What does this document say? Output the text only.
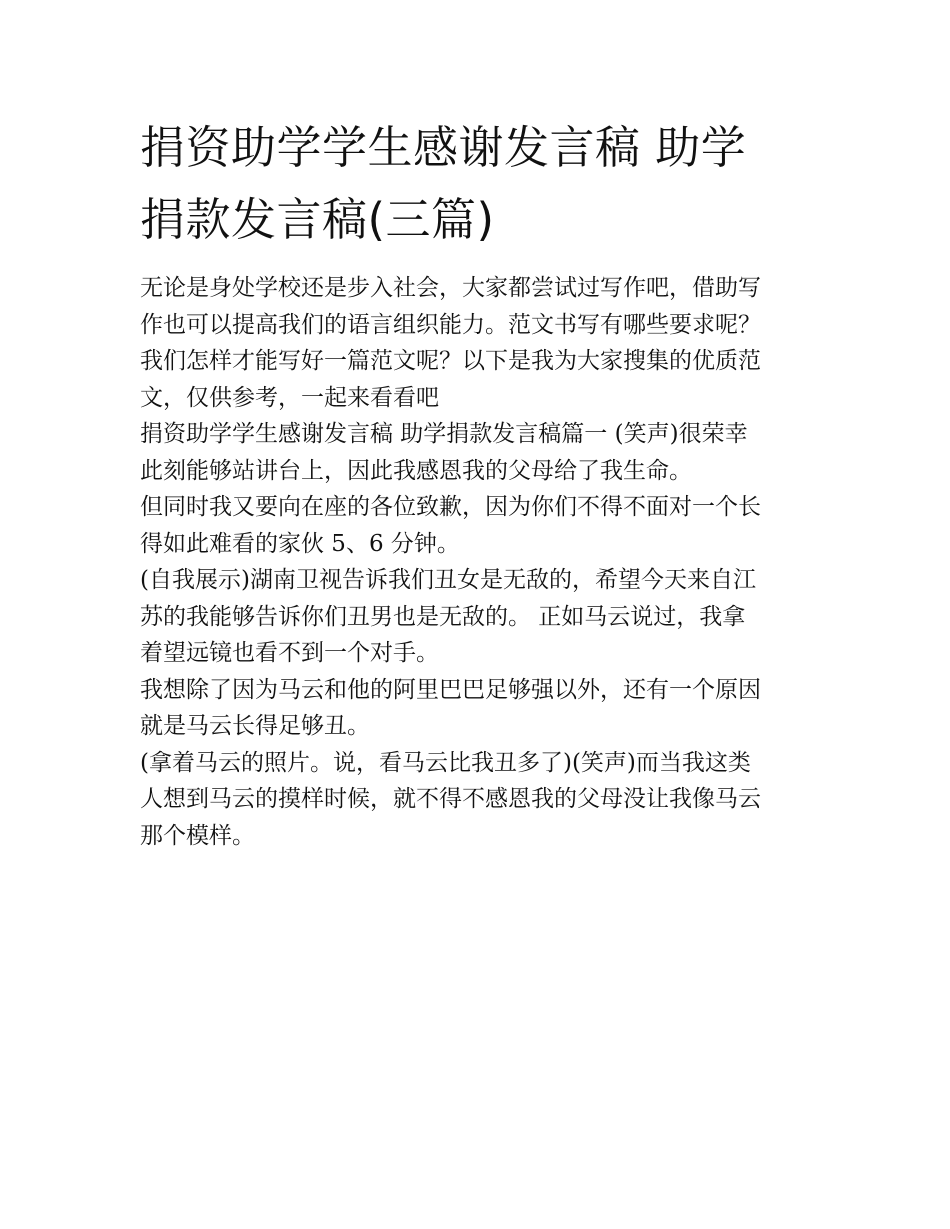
捐资助学学生感谢发言稿 助学
捐款发言稿(三篇)

无论是身处学校还是步入社会，大家都尝试过写作吧，借助写
作也可以提高我们的语言组织能力。范文书写有哪些要求呢？
我们怎样才能写好一篇范文呢？以下是我为大家搜集的优质范
文，仅供参考，一起来看看吧

捐资助学学生感谢发言稿 助学捐款发言稿篇一 (笑声)很荣幸
此刻能够站讲台上，因此我感恩我的父母给了我生命。

但同时我又要向在座的各位致歉，因为你们不得不面对一个长
得如此难看的家伙 5、6 分钟。

(自我展示)湖南卫视告诉我们丑女是无敌的，希望今天来自江
苏的我能够告诉你们丑男也是无敌的。 正如马云说过，我拿
着望远镜也看不到一个对手。

我想除了因为马云和他的阿里巴巴足够强以外，还有一个原因
就是马云长得足够丑。

(拿着马云的照片。说，看马云比我丑多了)(笑声)而当我这类
人想到马云的摸样时候，就不得不感恩我的父母没让我像马云
那个模样。
